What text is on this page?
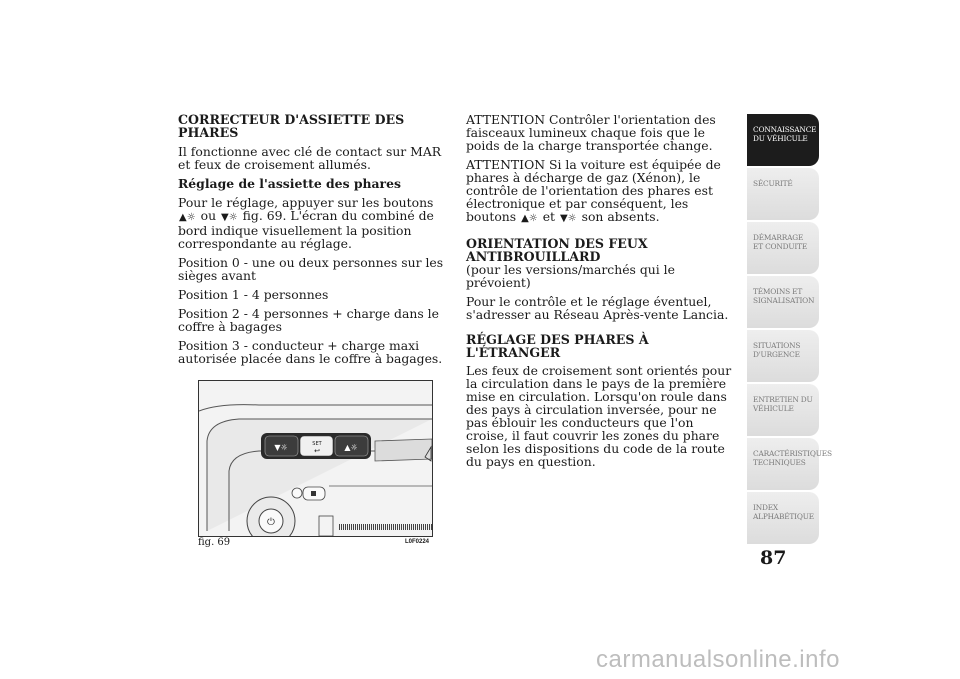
CORRECTEUR D'ASSIETTE DES PHARES

Il fonctionne avec clé de contact sur MAR et feux de croisement allumés.

Réglage de l'assiette des phares

Pour le réglage, appuyer sur les boutons ▲☼ ou ▼☼ fig. 69. L'écran du combiné de bord indique visuellement la position correspondante au réglage.

Position 0 - une ou deux personnes sur les sièges avant

Position 1 - 4 personnes

Position 2 - 4 personnes + charge dans le coffre à bagages

Position 3 - conducteur + charge maxi autorisée placée dans le coffre à bagages.

ATTENTION Contrôler l'orientation des faisceaux lumineux chaque fois que le poids de la charge transportée change.

ATTENTION Si la voiture est équipée de phares à décharge de gaz (Xénon), le contrôle de l'orientation des phares est électronique et par conséquent, les boutons ▲☼ et ▼☼ son absents.

ORIENTATION DES FEUX ANTIBROUILLARD

(pour les versions/marchés qui le prévoient)

Pour le contrôle et le réglage éventuel, s'adresser au Réseau Après-vente Lancia.

RÉGLAGE DES PHARES À L'ÉTRANGER

Les feux de croisement sont orientés pour la circulation dans le pays de la première mise en circulation. Lorsqu'on roule dans des pays à circulation inversée, pour ne pas éblouir les conducteurs que l'on croise, il faut couvrir les zones du phare selon les dispositions du code de la route du pays en question.

▼☼	SET
↩	▲☼
⏻
fig. 69	L0F0224
CONNAISSANCE DU VÉHICULE
SÉCURITÉ
DÉMARRAGE ET CONDUITE
TÉMOINS ET SIGNALISATION
SITUATIONS D'URGENCE
ENTRETIEN DU VÉHICULE
CARACTÉRISTIQUES TECHNIQUES
INDEX ALPHABÉTIQUE
87
carmanualsonline.info
